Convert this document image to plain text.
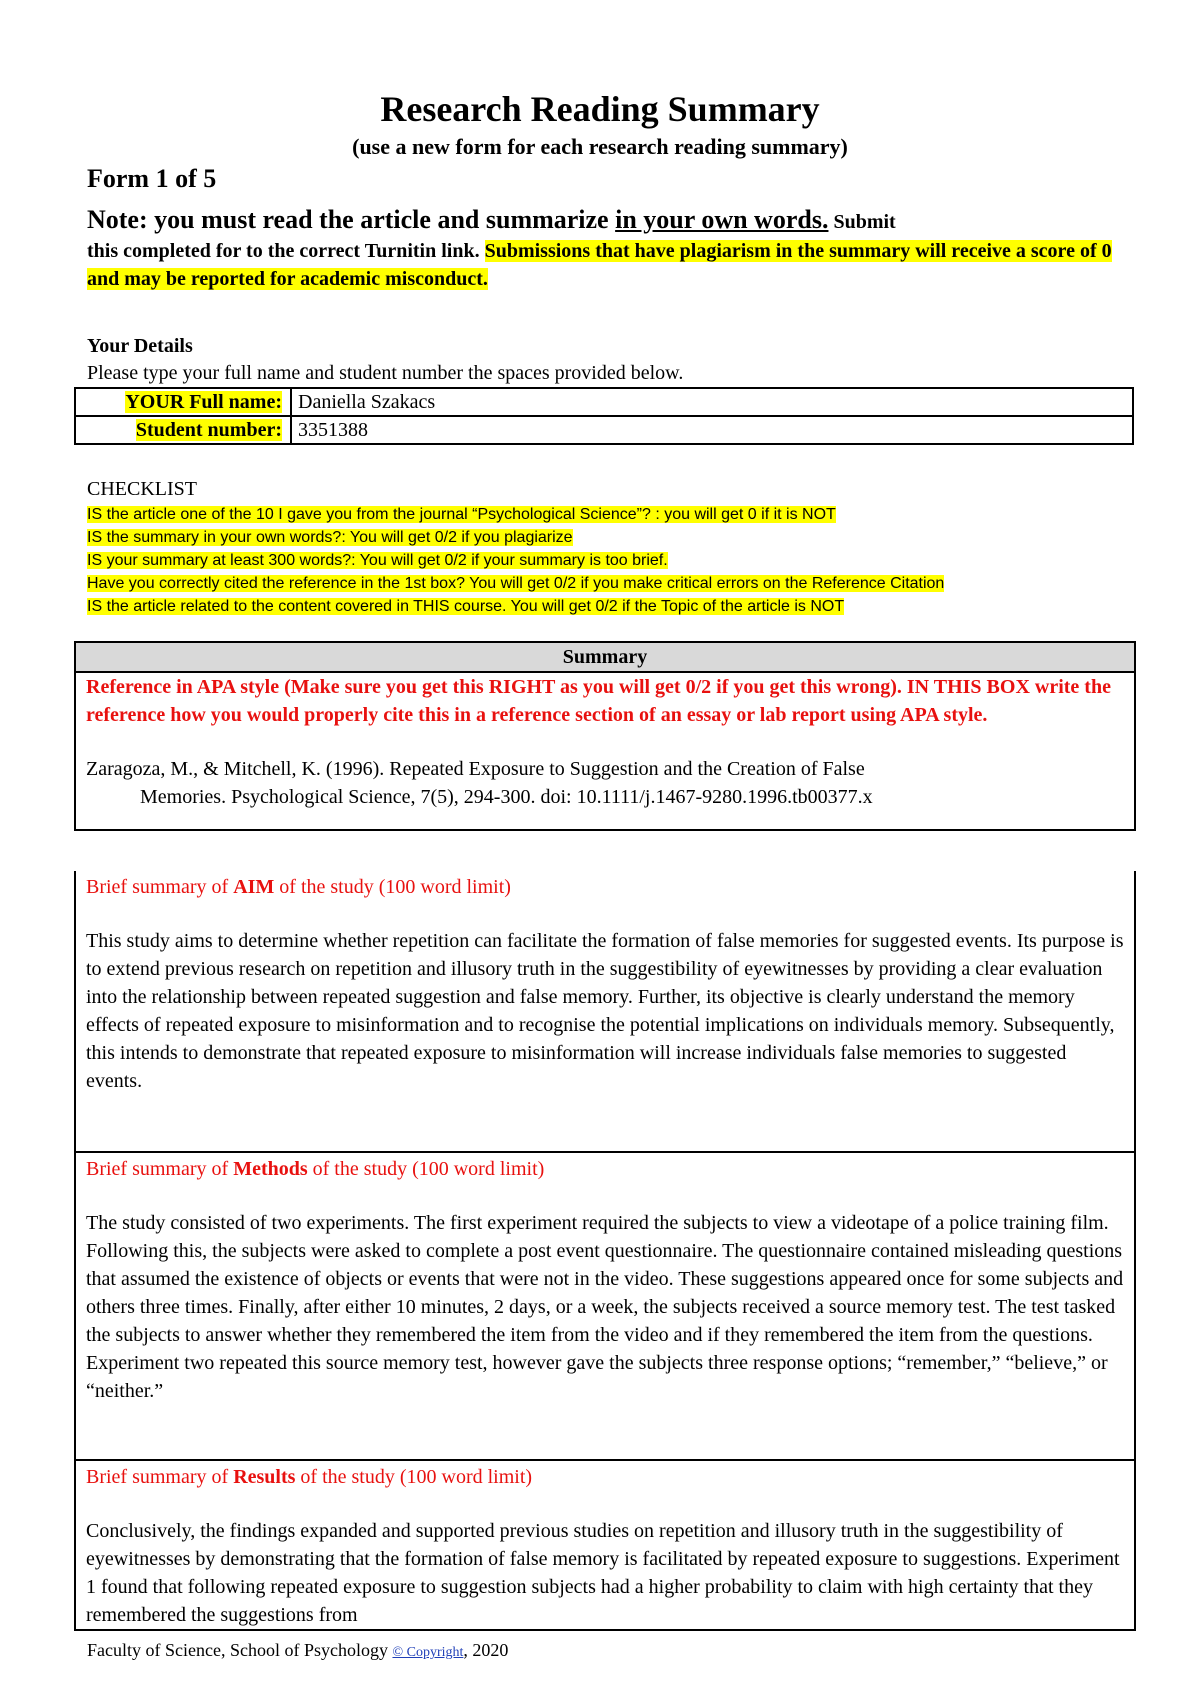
Research Reading Summary
(use a new form for each research reading summary)
Form 1 of 5
Note: you must read the article and summarize in your own words. Submit
this completed for to the correct Turnitin link. Submissions that have plagiarism in the summary will receive a score of 0 and may be reported for academic misconduct.
Your Details
Please type your full name and student number the spaces provided below.
YOUR Full name:	Daniella Szakacs
Student number:	3351388
CHECKLIST
IS the article one of the 10 I gave you from the journal “Psychological Science”? : you will get 0 if it is NOT
IS the summary in your own words?: You will get 0/2 if you plagiarize
IS your summary at least 300 words?: You will get 0/2 if your summary is too brief.
Have you correctly cited the reference in the 1st box? You will get 0/2 if you make critical errors on the Reference Citation
IS the article related to the content covered in THIS course. You will get 0/2 if the Topic of the article is NOT
Summary
Reference in APA style (Make sure you get this RIGHT as you will get 0/2 if you get this wrong). IN THIS BOX write the reference how you would properly cite this in a reference section of an essay or lab report using APA style.
Zaragoza, M., & Mitchell, K. (1996). Repeated Exposure to Suggestion and the Creation of False
Memories. Psychological Science, 7(5), 294-300. doi: 10.1111/j.1467-9280.1996.tb00377.x
Brief summary of AIM of the study (100 word limit)
This study aims to determine whether repetition can facilitate the formation of false memories for suggested events. Its purpose is to extend previous research on repetition and illusory truth in the suggestibility of eyewitnesses by providing a clear evaluation into the relationship between repeated suggestion and false memory. Further, its objective is clearly understand the memory effects of repeated exposure to misinformation and to recognise the potential implications on individuals memory. Subsequently, this intends to demonstrate that repeated exposure to misinformation will increase individuals false memories to suggested events.
Brief summary of Methods of the study (100 word limit)
The study consisted of two experiments. The first experiment required the subjects to view a videotape of a police training film. Following this, the subjects were asked to complete a post event questionnaire. The questionnaire contained misleading questions that assumed the existence of objects or events that were not in the video. These suggestions appeared once for some subjects and others three times. Finally, after either 10 minutes, 2 days, or a week, the subjects received a source memory test. The test tasked the subjects to answer whether they remembered the item from the video and if they remembered the item from the questions. Experiment two repeated this source memory test, however gave the subjects three response options; “remember,” “believe,” or “neither.”
Brief summary of Results of the study (100 word limit)
Conclusively, the findings expanded and supported previous studies on repetition and illusory truth in the suggestibility of eyewitnesses by demonstrating that the formation of false memory is facilitated by repeated exposure to suggestions. Experiment 1 found that following repeated exposure to suggestion subjects had a higher probability to claim with high certainty that they remembered the suggestions from
Faculty of Science, School of Psychology © Copyright, 2020
